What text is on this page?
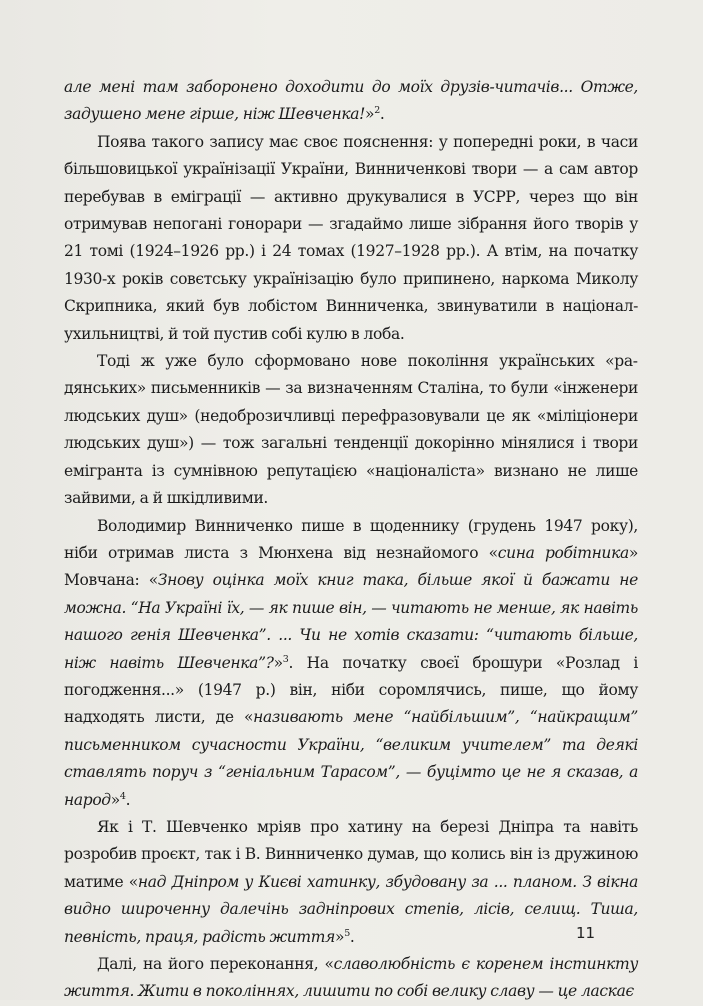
але мені там заборонено доходити до моїх друзів-читачів... Отже, задушено мене гірше, ніж Шевченка!»$^2$.

Поява такого запису має своє пояснення: у попередні роки, в часи більшовицької українізації України, Винниченкові твори — а сам автор перебував в еміграції — активно друкувалися в УСРР, через що він отримував непогані гонорари — згадаймо лише зібрання його творів у 21 томі (1924–1926 рр.) і 24 томах (1927–1928 рр.). А втім, на початку 1930-х років совєтську українізацію було припинено, наркома Миколу Скрипника, який був лобістом Винниченка, звинуватили в націонал-ухильництві, й той пустив собі кулю в лоба.

Тоді ж уже було сформовано нове покоління українських «радянських» письменників — за визначенням Сталіна, то були «інженери людських душ» (недоброзичливці перефразовували це як «міліціонери людських душ») — тож загальні тенденції докорінно мінялися і твори емігранта із сумнівною репутацією «націоналіста» визнано не лише зайвими, а й шкідливими.

Володимир Винниченко пише в щоденнику (грудень 1947 року), ніби отримав листа з Мюнхена від незнайомого «сина робітника» Мовчана: «Знову оцінка моїх книг така, більше якої й бажати не можна. “На Україні їх, — як пише він, — читають не менше, як навіть нашого генія Шевченка”. ... Чи не хотів сказати: “читають більше, ніж навіть Шевченка”?»$^3$. На початку своєї брошури «Розлад і погодження...» (1947 р.) він, ніби соромлячись, пише, що йому надходять листи, де «називають мене “найбільшим”, “найкращим” письменником сучасности України, “великим учителем” та деякі ставлять поруч з “геніальним Тарасом”, — буцімто це не я сказав, а народ»$^4$.

Як і Т. Шевченко мріяв про хатину на березі Дніпра та навіть розробив проєкт, так і В. Винниченко думав, що колись він із дружиною матиме «над Дніпром у Києві хатинку, збудовану за ... планом. З вікна видно широченну далечінь задніпрових степів, лісів, селищ. Тиша, певність, праця, радість життя»$^5$.

Далі, на його переконання, «славолюбність є коренем інстинкту життя. Жити в поколіннях, лишити по собі велику славу — це ласкає

11
